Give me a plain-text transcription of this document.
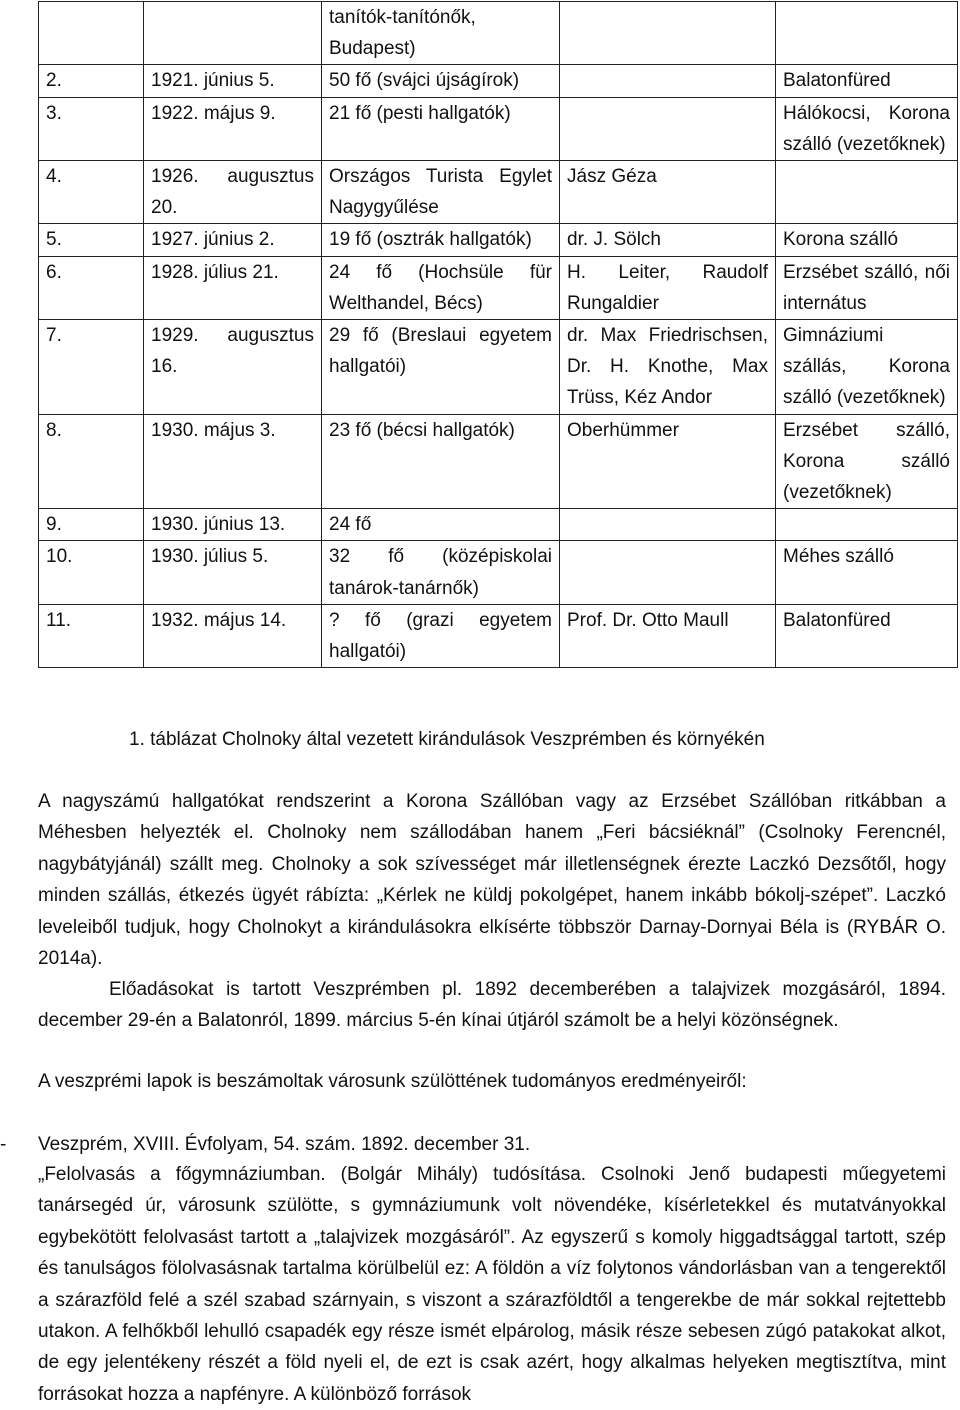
		tanítók-tanítónők, Budapest)		
2.	1921. június 5.	50 fő (svájci újságírok)		Balatonfüred
3.	1922. május 9.	21 fő (pesti hallgatók)		Hálókocsi, Korona szálló (vezetőknek)
4.	1926. augusztus 20.	Országos Turista Egylet Nagygyűlése	Jász Géza	
5.	1927. június 2.	19 fő (osztrák hallgatók)	dr. J. Sölch	Korona szálló
6.	1928. július 21.	24 fő (Hochsüle für Welthandel, Bécs)	H. Leiter, Raudolf Rungaldier	Erzsébet szálló, női internátus
7.	1929. augusztus 16.	29 fő (Breslaui egyetem hallgatói)	dr. Max Friedrischsen, Dr. H. Knothe, Max Trüss, Kéz Andor	Gimnáziumi szállás, Korona szálló (vezetőknek)
8.	1930. május 3.	23 fő (bécsi hallgatók)	Oberhümmer	Erzsébet szálló, Korona szálló (vezetőknek)
9.	1930. június 13.	24 fő		
10.	1930. július 5.	32 fő (középiskolai tanárok-tanárnők)		Méhes szálló
11.	1932. május 14.	? fő (grazi egyetem hallgatói)	Prof. Dr. Otto Maull	Balatonfüred
1. táblázat Cholnoky által vezetett kirándulások Veszprémben és környékén

A nagyszámú hallgatókat rendszerint a Korona Szállóban vagy az Erzsébet Szállóban ritkábban a Méhesben helyezték el. Cholnoky nem szállodában hanem „Feri bácsiéknál” (Csolnoky Ferencnél, nagybátyjánál) szállt meg. Cholnoky a sok szívességet már illetlenségnek érezte Laczkó Dezsőtől, hogy minden szállás, étkezés ügyét rábízta: „Kérlek ne küldj pokolgépet, hanem inkább bókolj-szépet”. Laczkó leveleiből tudjuk, hogy Cholnokyt a kirándulásokra elkísérte többször Darnay-Dornyai Béla is (RYBÁR O. 2014a).

Előadásokat is tartott Veszprémben pl. 1892 decemberében a talajvizek mozgásáról, 1894. december 29-én a Balatonról, 1899. március 5-én kínai útjáról számolt be a helyi közönségnek.

A veszprémi lapok is beszámoltak városunk szülöttének tudományos eredményeiről:

- Veszprém, XVIII. Évfolyam, 54. szám. 1892. december 31.

„Felolvasás a főgymnáziumban. (Bolgár Mihály) tudósítása. Csolnoki Jenő budapesti műegyetemi tanársegéd úr, városunk szülötte, s gymnáziumunk volt növendéke, kísérletekkel és mutatványokkal egybekötött felolvasást tartott a „talajvizek mozgásáról”. Az egyszerű s komoly higgadtsággal tartott, szép és tanulságos fölolvasásnak tartalma körülbelül ez: A földön a víz folytonos vándorlásban van a tengerektől a szárazföld felé a szél szabad szárnyain, s viszont a szárazföldtől a tengerekbe de már sokkal rejtettebb utakon. A felhőkből lehulló csapadék egy része ismét elpárolog, másik része sebesen zúgó patakokat alkot, de egy jelentékeny részét a föld nyeli el, de ezt is csak azért, hogy alkalmas helyeken megtisztítva, mint forrásokat hozza a napfényre. A különböző források
